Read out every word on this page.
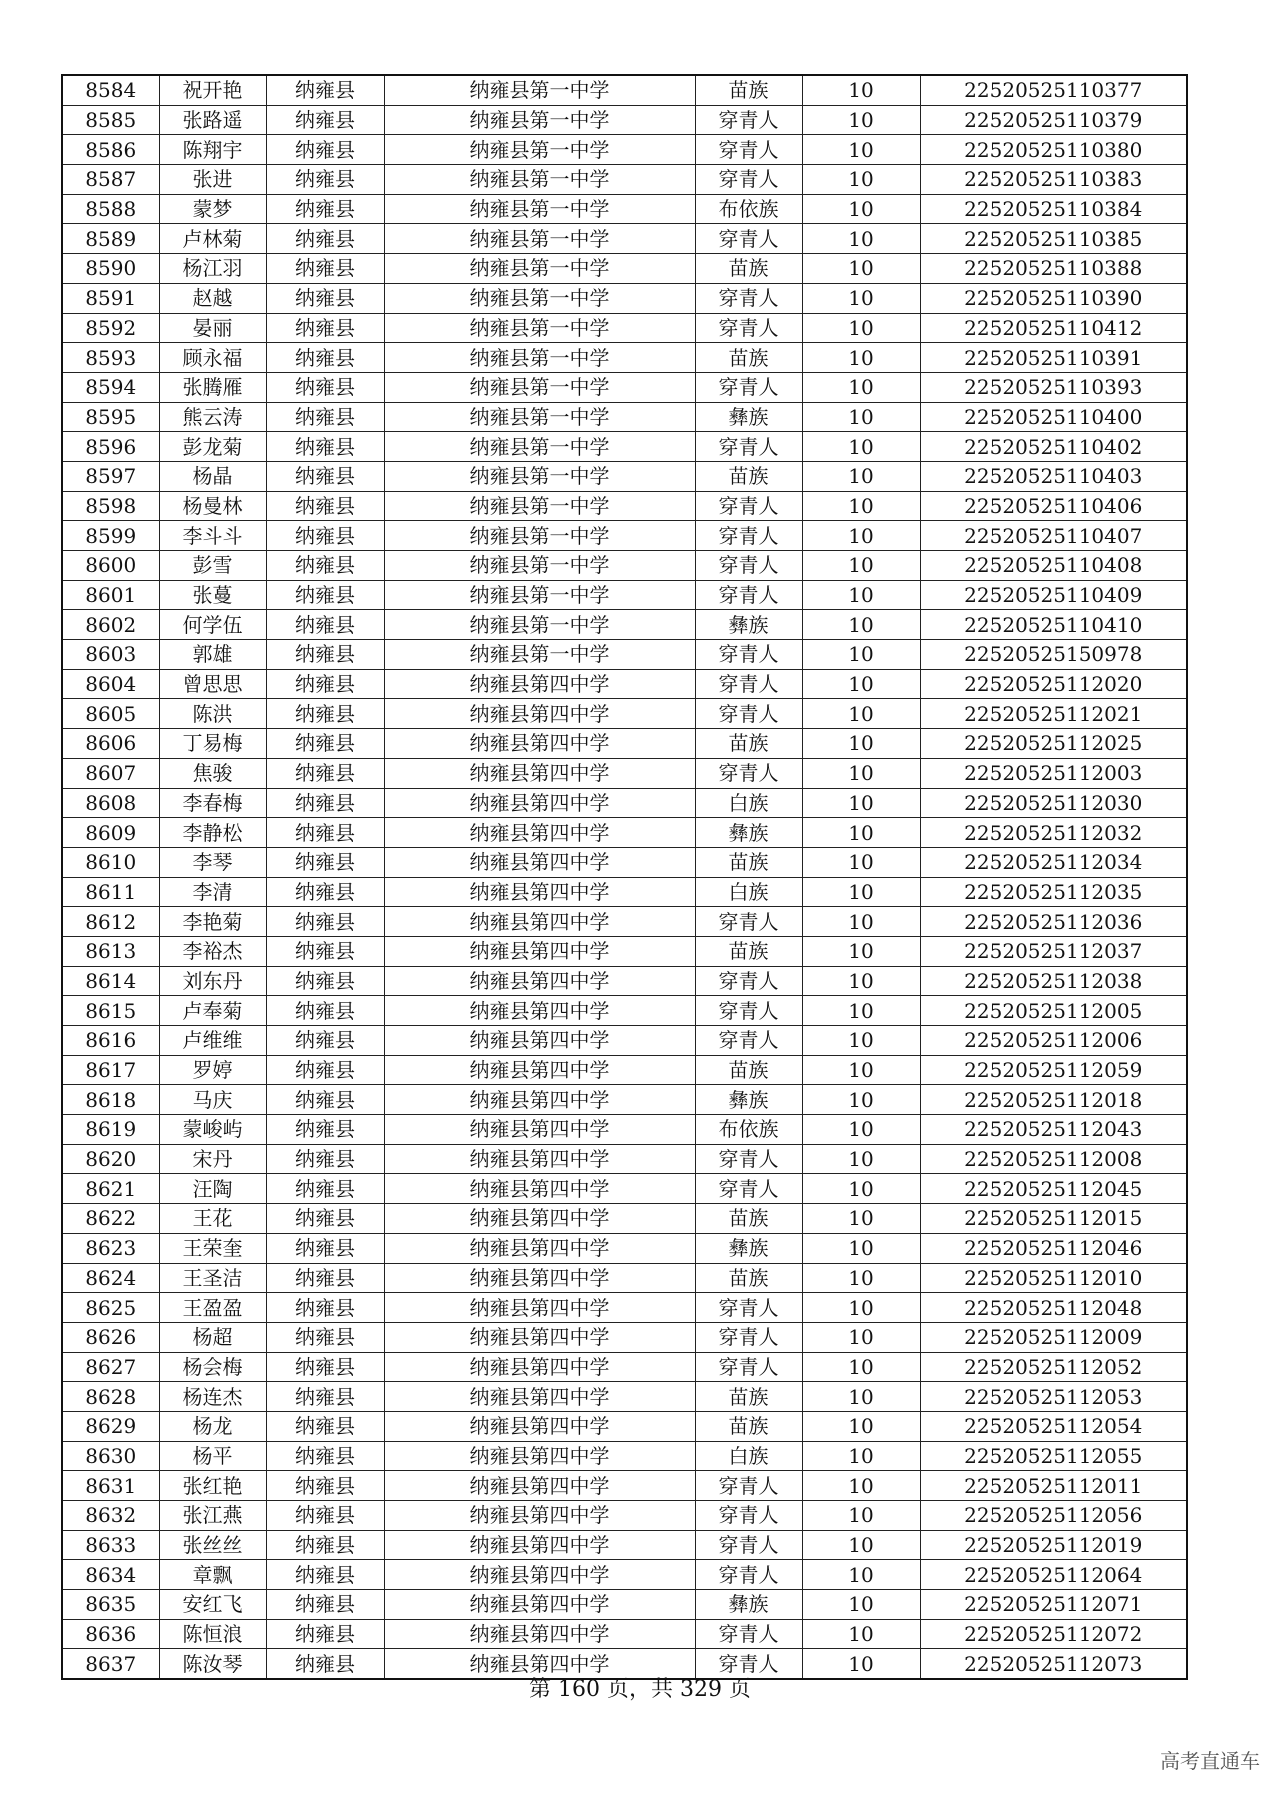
8584	祝开艳	纳雍县	纳雍县第一中学	苗族	10	22520525110377
8585	张路遥	纳雍县	纳雍县第一中学	穿青人	10	22520525110379
8586	陈翔宇	纳雍县	纳雍县第一中学	穿青人	10	22520525110380
8587	张进	纳雍县	纳雍县第一中学	穿青人	10	22520525110383
8588	蒙梦	纳雍县	纳雍县第一中学	布依族	10	22520525110384
8589	卢林菊	纳雍县	纳雍县第一中学	穿青人	10	22520525110385
8590	杨江羽	纳雍县	纳雍县第一中学	苗族	10	22520525110388
8591	赵越	纳雍县	纳雍县第一中学	穿青人	10	22520525110390
8592	晏丽	纳雍县	纳雍县第一中学	穿青人	10	22520525110412
8593	顾永福	纳雍县	纳雍县第一中学	苗族	10	22520525110391
8594	张腾雁	纳雍县	纳雍县第一中学	穿青人	10	22520525110393
8595	熊云涛	纳雍县	纳雍县第一中学	彝族	10	22520525110400
8596	彭龙菊	纳雍县	纳雍县第一中学	穿青人	10	22520525110402
8597	杨晶	纳雍县	纳雍县第一中学	苗族	10	22520525110403
8598	杨曼林	纳雍县	纳雍县第一中学	穿青人	10	22520525110406
8599	李斗斗	纳雍县	纳雍县第一中学	穿青人	10	22520525110407
8600	彭雪	纳雍县	纳雍县第一中学	穿青人	10	22520525110408
8601	张蔓	纳雍县	纳雍县第一中学	穿青人	10	22520525110409
8602	何学伍	纳雍县	纳雍县第一中学	彝族	10	22520525110410
8603	郭雄	纳雍县	纳雍县第一中学	穿青人	10	22520525150978
8604	曾思思	纳雍县	纳雍县第四中学	穿青人	10	22520525112020
8605	陈洪	纳雍县	纳雍县第四中学	穿青人	10	22520525112021
8606	丁易梅	纳雍县	纳雍县第四中学	苗族	10	22520525112025
8607	焦骏	纳雍县	纳雍县第四中学	穿青人	10	22520525112003
8608	李春梅	纳雍县	纳雍县第四中学	白族	10	22520525112030
8609	李静松	纳雍县	纳雍县第四中学	彝族	10	22520525112032
8610	李琴	纳雍县	纳雍县第四中学	苗族	10	22520525112034
8611	李清	纳雍县	纳雍县第四中学	白族	10	22520525112035
8612	李艳菊	纳雍县	纳雍县第四中学	穿青人	10	22520525112036
8613	李裕杰	纳雍县	纳雍县第四中学	苗族	10	22520525112037
8614	刘东丹	纳雍县	纳雍县第四中学	穿青人	10	22520525112038
8615	卢奉菊	纳雍县	纳雍县第四中学	穿青人	10	22520525112005
8616	卢维维	纳雍县	纳雍县第四中学	穿青人	10	22520525112006
8617	罗婷	纳雍县	纳雍县第四中学	苗族	10	22520525112059
8618	马庆	纳雍县	纳雍县第四中学	彝族	10	22520525112018
8619	蒙峻屿	纳雍县	纳雍县第四中学	布依族	10	22520525112043
8620	宋丹	纳雍县	纳雍县第四中学	穿青人	10	22520525112008
8621	汪陶	纳雍县	纳雍县第四中学	穿青人	10	22520525112045
8622	王花	纳雍县	纳雍县第四中学	苗族	10	22520525112015
8623	王荣奎	纳雍县	纳雍县第四中学	彝族	10	22520525112046
8624	王圣洁	纳雍县	纳雍县第四中学	苗族	10	22520525112010
8625	王盈盈	纳雍县	纳雍县第四中学	穿青人	10	22520525112048
8626	杨超	纳雍县	纳雍县第四中学	穿青人	10	22520525112009
8627	杨会梅	纳雍县	纳雍县第四中学	穿青人	10	22520525112052
8628	杨连杰	纳雍县	纳雍县第四中学	苗族	10	22520525112053
8629	杨龙	纳雍县	纳雍县第四中学	苗族	10	22520525112054
8630	杨平	纳雍县	纳雍县第四中学	白族	10	22520525112055
8631	张红艳	纳雍县	纳雍县第四中学	穿青人	10	22520525112011
8632	张江燕	纳雍县	纳雍县第四中学	穿青人	10	22520525112056
8633	张丝丝	纳雍县	纳雍县第四中学	穿青人	10	22520525112019
8634	章飘	纳雍县	纳雍县第四中学	穿青人	10	22520525112064
8635	安红飞	纳雍县	纳雍县第四中学	彝族	10	22520525112071
8636	陈恒浪	纳雍县	纳雍县第四中学	穿青人	10	22520525112072
8637	陈汝琴	纳雍县	纳雍县第四中学	穿青人	10	22520525112073
第 160 页，共 329 页
高考直通车
